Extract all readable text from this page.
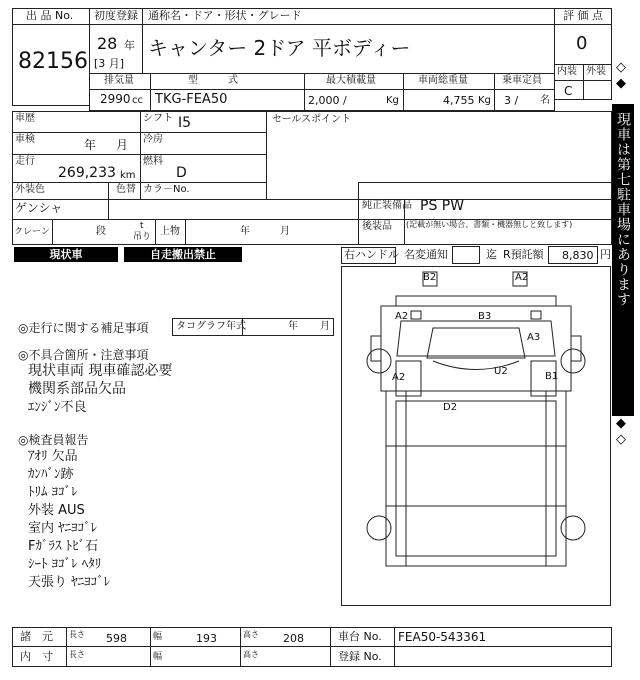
出 品 No.
82156
初度登録
28 年
[3 月]
通称名・ドア・形状・グレード
キャンター 2ドア 平ボディー
評 価 点
0
内装 外装
C
排気量
2990 cc
型　　　式
TKG-FEA50
最大積載量
2,000 /	Kg
車両総重量
4,755 Kg
乗車定員
3 / 名
車歴	シフト I5
車検	年 月 冷房
走行
269,233 km
燃料
D
外装色
ゲンシャ
色替 カラ－No.
セールスポイント
純正装備品 PS PW
後装品 (記載が無い場合、書類・機器無しと致します)
クレーン	段	t
吊り 上物	年	月
現状車	自走搬出禁止	右ハンドル 名変通知	迄 R預託額 8,830 円
◎走行に関する補足事項	タコグラフ年式	年 月
◎不具合箇所・注意事項
現状車両 現車確認必要
機関系部品欠品
ｴﾝｼﾞﾝ不良
◎検査員報告
ｱｵﾘ 欠品
ｶﾝﾊﾞﾝ跡
ﾄﾘﾑ ﾖｺﾞﾚ
外装 AUS
室内 ﾔﾆﾖｺﾞﾚ
Fｶﾞﾗｽ ﾄﾋﾞ石
ｼｰﾄ ﾖｺﾞﾚ ﾍﾀﾘ
天張り ﾔﾆﾖｺﾞﾚ
B2	A2
A2	B3
A3
A2
U2	B1
D2
◇
◆
現車は第七駐車場にあります
◆
◇
諸　元 長さ 598	幅	193	高さ 208	車台 No. FEA50-543361
内　寸 長さ	幅	高さ	登録 No.
